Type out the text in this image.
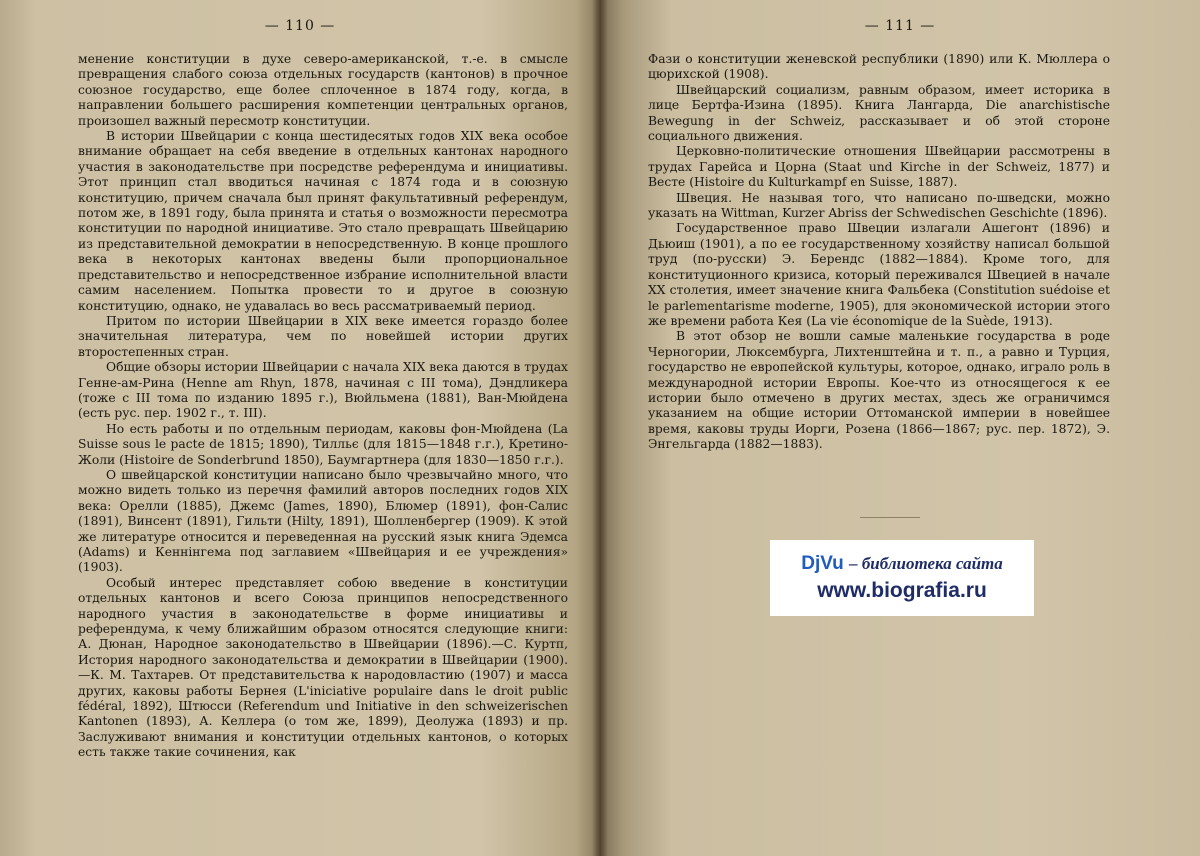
— 110 —

менение конституции в духе северо-американской, т.-е. в смысле превращения слабого союза отдельных государств (кантонов) в прочное союзное государство, еще более сплоченное в 1874 году, когда, в направлении большего расширения компетенции центральных органов, произошел важный пересмотр конституции.

В истории Швейцарии с конца шестидесятых годов XIX века особое внимание обращает на себя введение в отдельных кантонах народного участия в законодательстве при посредстве референдума и инициативы. Этот принцип стал вводиться начиная с 1874 года и в союзную конституцию, причем сначала был принят факультативный референдум, потом же, в 1891 году, была принята и статья о возможности пересмотра конституции по народной инициативе. Это стало превращать Швейцарию из представительной демократии в непосредственную. В конце прошлого века в некоторых кантонах введены были пропорциональное представительство и непосредственное избрание исполнительной власти самим населением. Попытка провести то и другое в союзную конституцию, однако, не удавалась во весь рассматриваемый период.

Притом по истории Швейцарии в XIX веке имеется гораздо более значительная литература, чем по новейшей истории других второстепенных стран.

Общие обзоры истории Швейцарии с начала XIX века даются в трудах Генне-ам-Рина (Henne am Rhyn, 1878, начиная с III тома), Дэндликера (тоже с III тома по изданию 1895 г.), Вюйльмена (1881), Ван-Мюйдена (есть рус. пер. 1902 г., т. III).

Но есть работы и по отдельным периодам, каковы фон-Мюйдена (La Suisse sous le pacte de 1815; 1890), Тилльє (для 1815—1848 г.г.), Кретино-Жоли (Histoire de Sonderbrund 1850), Баумгартнера (для 1830—1850 г.г.).

О швейцарской конституции написано было чрезвычайно много, что можно видеть только из перечня фамилий авторов последних годов XIX века: Орелли (1885), Джемс (James, 1890), Блюмер (1891), фон-Салис (1891), Винсент (1891), Гильти (Hilty, 1891), Шолленбергер (1909). К этой же литературе относится и переведенная на русский язык книга Эдемса (Adams) и Кеннінгема под заглавием «Швейцария и ее учреждения» (1903).

Особый интерес представляет собою введение в конституции отдельных кантонов и всего Союза принципов непосредственного народного участия в законодательстве в форме инициативы и референдума, к чему ближайшим образом относятся следующие книги: А. Дюнан, Народное законодательство в Швейцарии (1896).—С. Куртп, История народного законодательства и демократии в Швейцарии (1900).—К. М. Тахтарев. От представительства к народовластию (1907) и масса других, каковы работы Бернея (L'iniciative populaire dans le droit public fédéral, 1892), Штюсси (Referendum und Initiative in den schweizerischen Kantonen (1893), А. Келлера (о том же, 1899), Деолужа (1893) и пр. Заслуживают внимания и конституции отдельных кантонов, о которых есть также такие сочинения, как

— 111 —

Фази о конституции женевской республики (1890) или К. Мюллера о цюрихской (1908).

Швейцарский социализм, равным образом, имеет историка в лице Бертфа-Изина (1895). Книга Лангарда, Die anarchistische Bewegung in der Schweiz, рассказывает и об этой стороне социального движения.

Церковно-политические отношения Швейцарии рассмотрены в трудах Гарейса и Цорна (Staat und Kirche in der Schweiz, 1877) и Весте (Histoire du Kulturkampf en Suisse, 1887).

Швеция. Не называя того, что написано по-шведски, можно указать на Wittman, Kurzer Abriss der Schwedischen Geschichte (1896).

Государственное право Швеции излагали Ашегонт (1896) и Дьюиш (1901), а по ее государственному хозяйству написал большой труд (по-русски) Э. Берендс (1882—1884). Кроме того, для конституционного кризиса, который переживался Швецией в начале XX столетия, имеет значение книга Фальбека (Constitution suédoise et le parlementarisme moderne, 1905), для экономической истории этого же времени работа Кея (La vie économique de la Suède, 1913).

В этот обзор не вошли самые маленькие государства в роде Черногории, Люксембурга, Лихтенштейна и т. п., а равно и Турция, государство не европейской культуры, которое, однако, играло роль в международной истории Европы. Кое-что из относящегося к ее истории было отмечено в других местах, здесь же ограничимся указанием на общие истории Оттоманской империи в новейшее время, каковы труды Иорги, Розена (1866—1867; рус. пер. 1872), Э. Энгельгарда (1882—1883).

DjVu – библиотека сайта
www.biografia.ru
